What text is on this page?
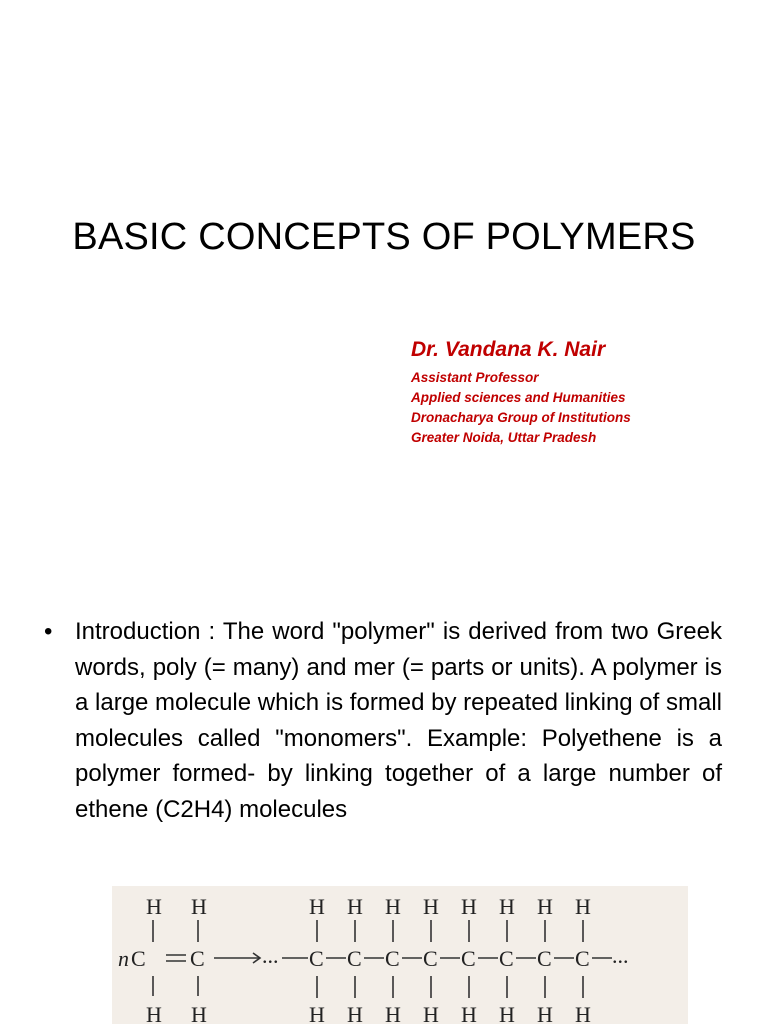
BASIC CONCEPTS OF POLYMERS
Dr. Vandana K. Nair
Assistant Professor
Applied sciences and Humanities
Dronacharya Group of Institutions
Greater Noida, Uttar Pradesh
• Introduction : The word "polymer" is derived from two Greek words, poly (= many) and mer (= parts or units). A polymer is a large molecule which is formed by repeated linking of small molecules called "monomers". Example: Polyethene is a polymer formed- by linking together of a large number of ethene (C2H4) molecules
H H
n C C
H H
...	...
H H H H H H H H
C C C C C C C C
H H H H H H H H
